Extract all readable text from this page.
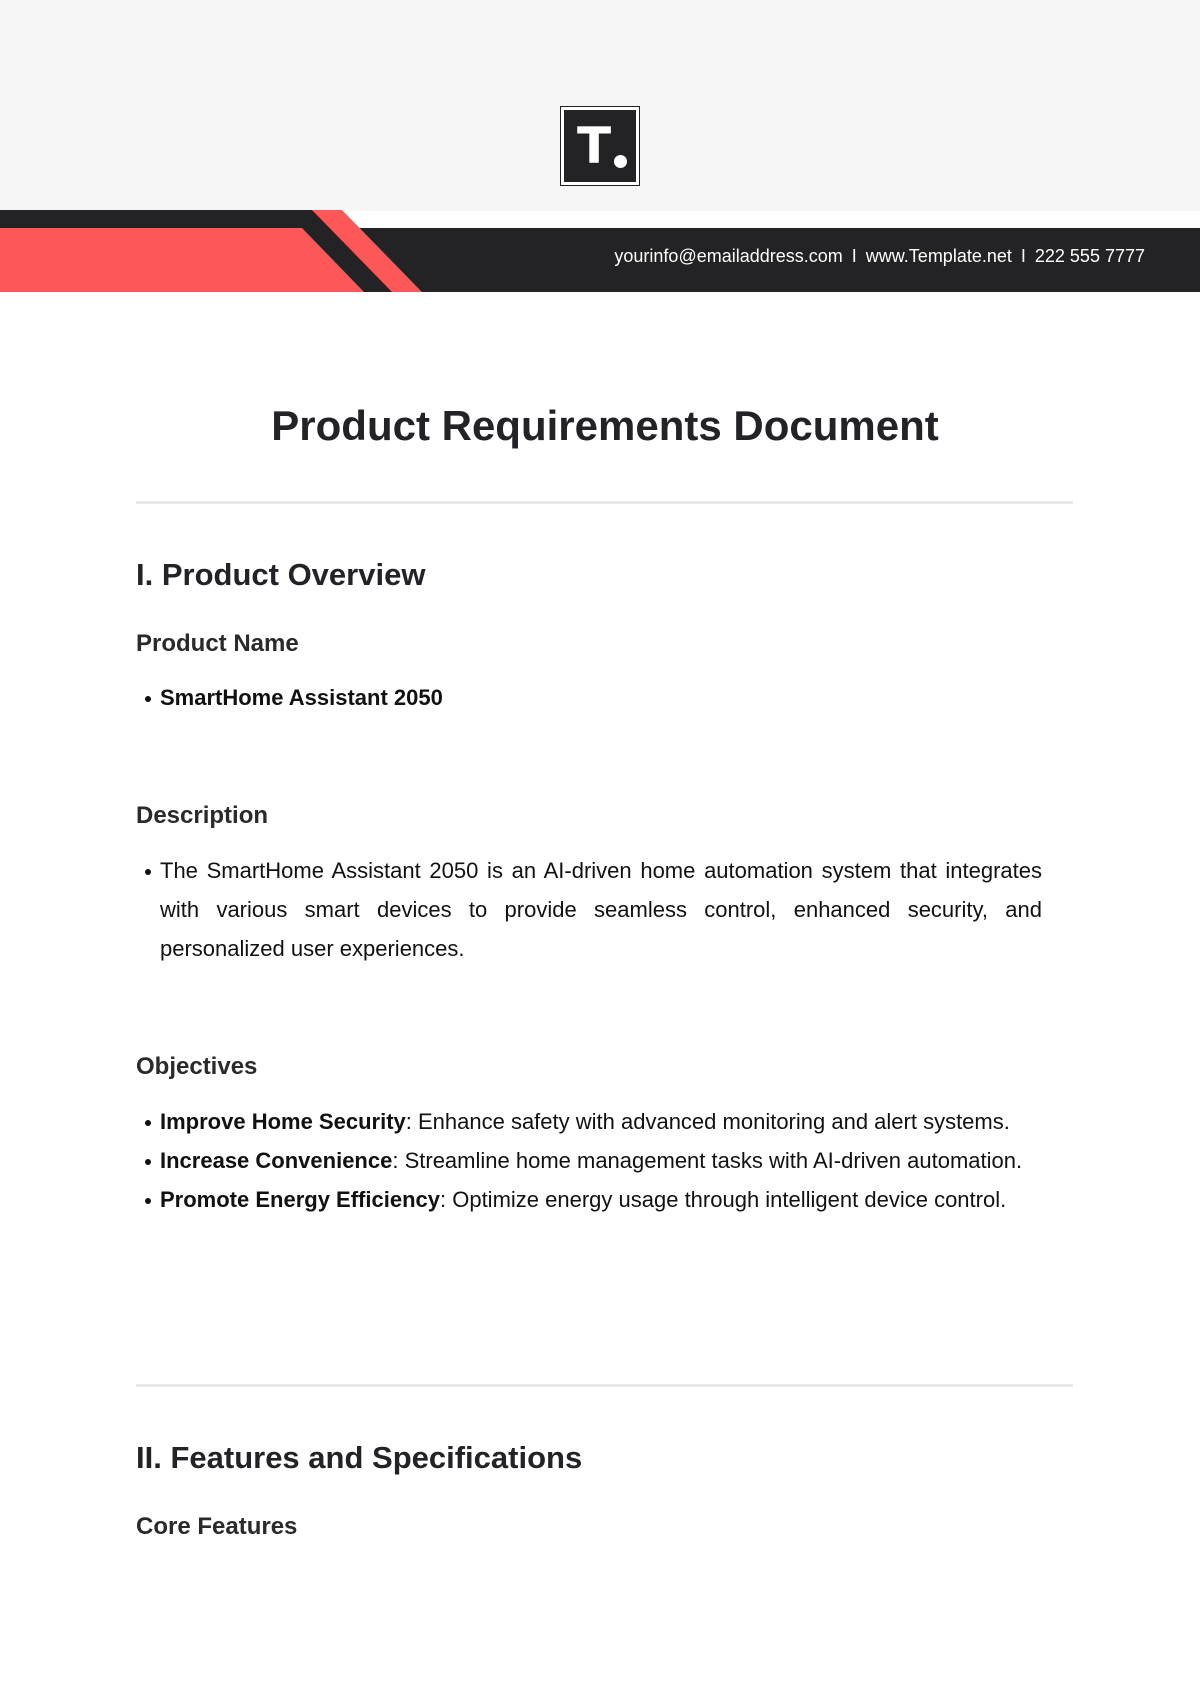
T
yourinfo@emailaddress.com I www.Template.net I 222 555 7777
Product Requirements Document
I. Product Overview
Product Name
SmartHome Assistant 2050
Description
The SmartHome Assistant 2050 is an AI-driven home automation system that integrates with various smart devices to provide seamless control, enhanced security, and personalized user experiences.
Objectives
Improve Home Security: Enhance safety with advanced monitoring and alert systems.
Increase Convenience: Streamline home management tasks with AI-driven automation.
Promote Energy Efficiency: Optimize energy usage through intelligent device control.
II. Features and Specifications
Core Features
